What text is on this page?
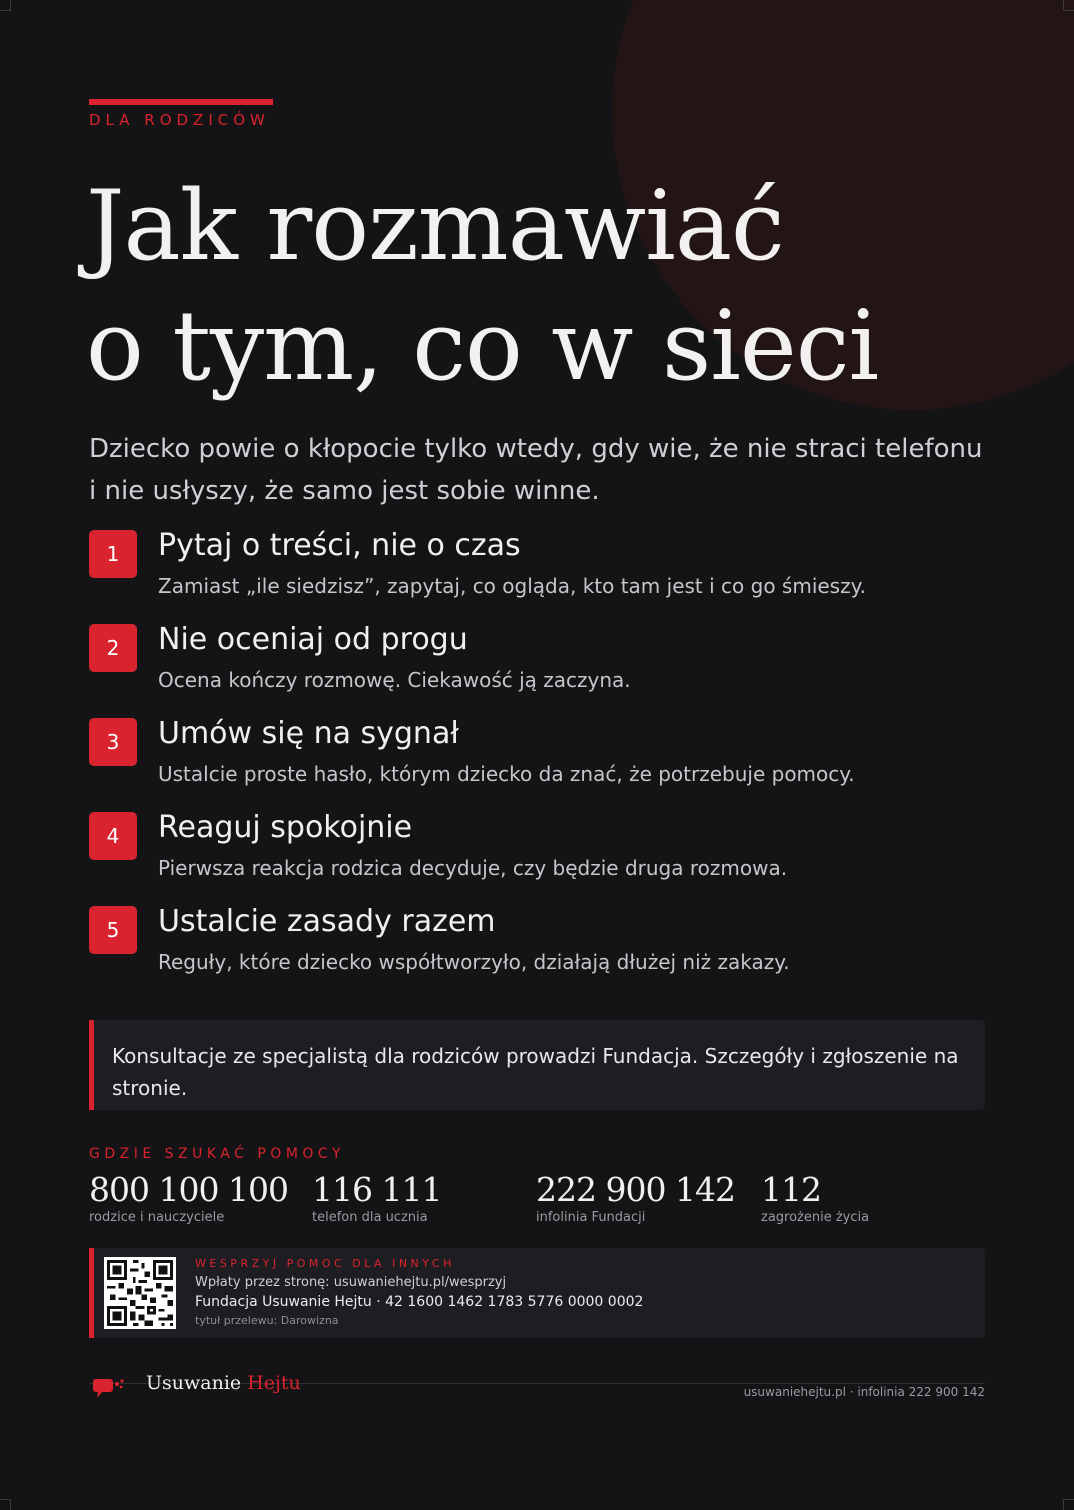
DLA RODZICÓW
Jak rozmawiać
o tym, co w sieci

Dziecko powie o kłopocie tylko wtedy, gdy wie, że nie straci telefonu i nie usłyszy, że samo jest sobie winne.

1	Pytaj o treści, nie o czas
Zamiast „ile siedzisz”, zapytaj, co ogląda, kto tam jest i co go śmieszy.
2	Nie oceniaj od progu
Ocena kończy rozmowę. Ciekawość ją zaczyna.
3	Umów się na sygnał
Ustalcie proste hasło, którym dziecko da znać, że potrzebuje pomocy.
4	Reaguj spokojnie
Pierwsza reakcja rodzica decyduje, czy będzie druga rozmowa.
5	Ustalcie zasady razem
Reguły, które dziecko współtworzyło, działają dłużej niż zakazy.
Konsultacje ze specjalistą dla rodziców prowadzi Fundacja. Szczegóły i zgłoszenie na stronie.
GDZIE SZUKAĆ POMOCY
800 100 100
rodzice i nauczyciele
116 111
telefon dla ucznia
222 900 142
infolinia Fundacji
112
zagrożenie życia
WESPRZYJ POMOC DLA INNYCH
Wpłaty przez stronę: usuwaniehejtu.pl/wesprzyj
Fundacja Usuwanie Hejtu · 42 1600 1462 1783 5776 0000 0002
tytuł przelewu: Darowizna
Usuwanie Hejtu	usuwaniehejtu.pl · infolinia 222 900 142
